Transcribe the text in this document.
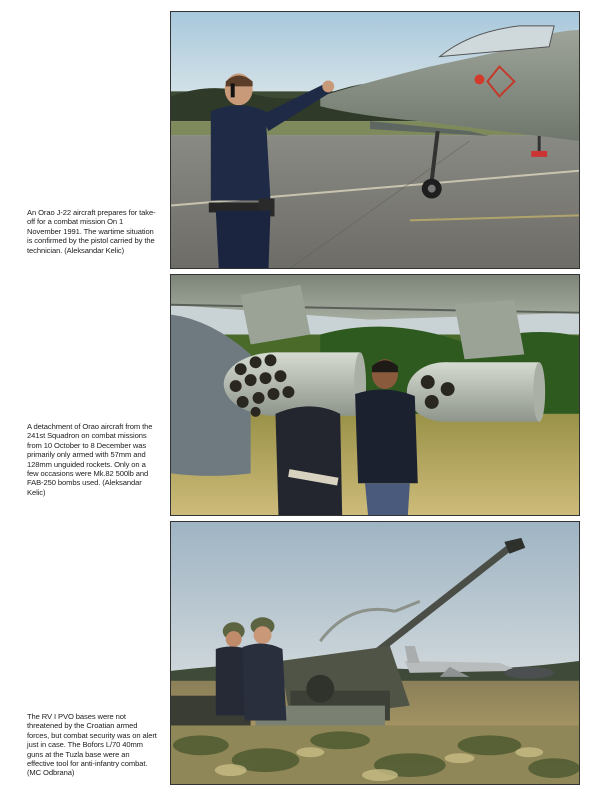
An Orao J-22 aircraft prepares for take-off for a combat mission On 1 November 1991. The wartime situation is confirmed by the pistol carried by the technician. (Aleksandar Kelic)

A detachment of Orao aircraft from the 241st Squadron on combat missions from 10 October to 8 December was primarily only armed with 57mm and 128mm unguided rockets. Only on a few occasions were Mk.82 500lb and FAB-250 bombs used. (Aleksandar Kelic)

The RV I PVO bases were not threatened by the Croatian armed forces, but combat security was on alert just in case. The Bofors L/70 40mm guns at the Tuzla base were an effective tool for anti-infantry combat. (MC Odbrana)
